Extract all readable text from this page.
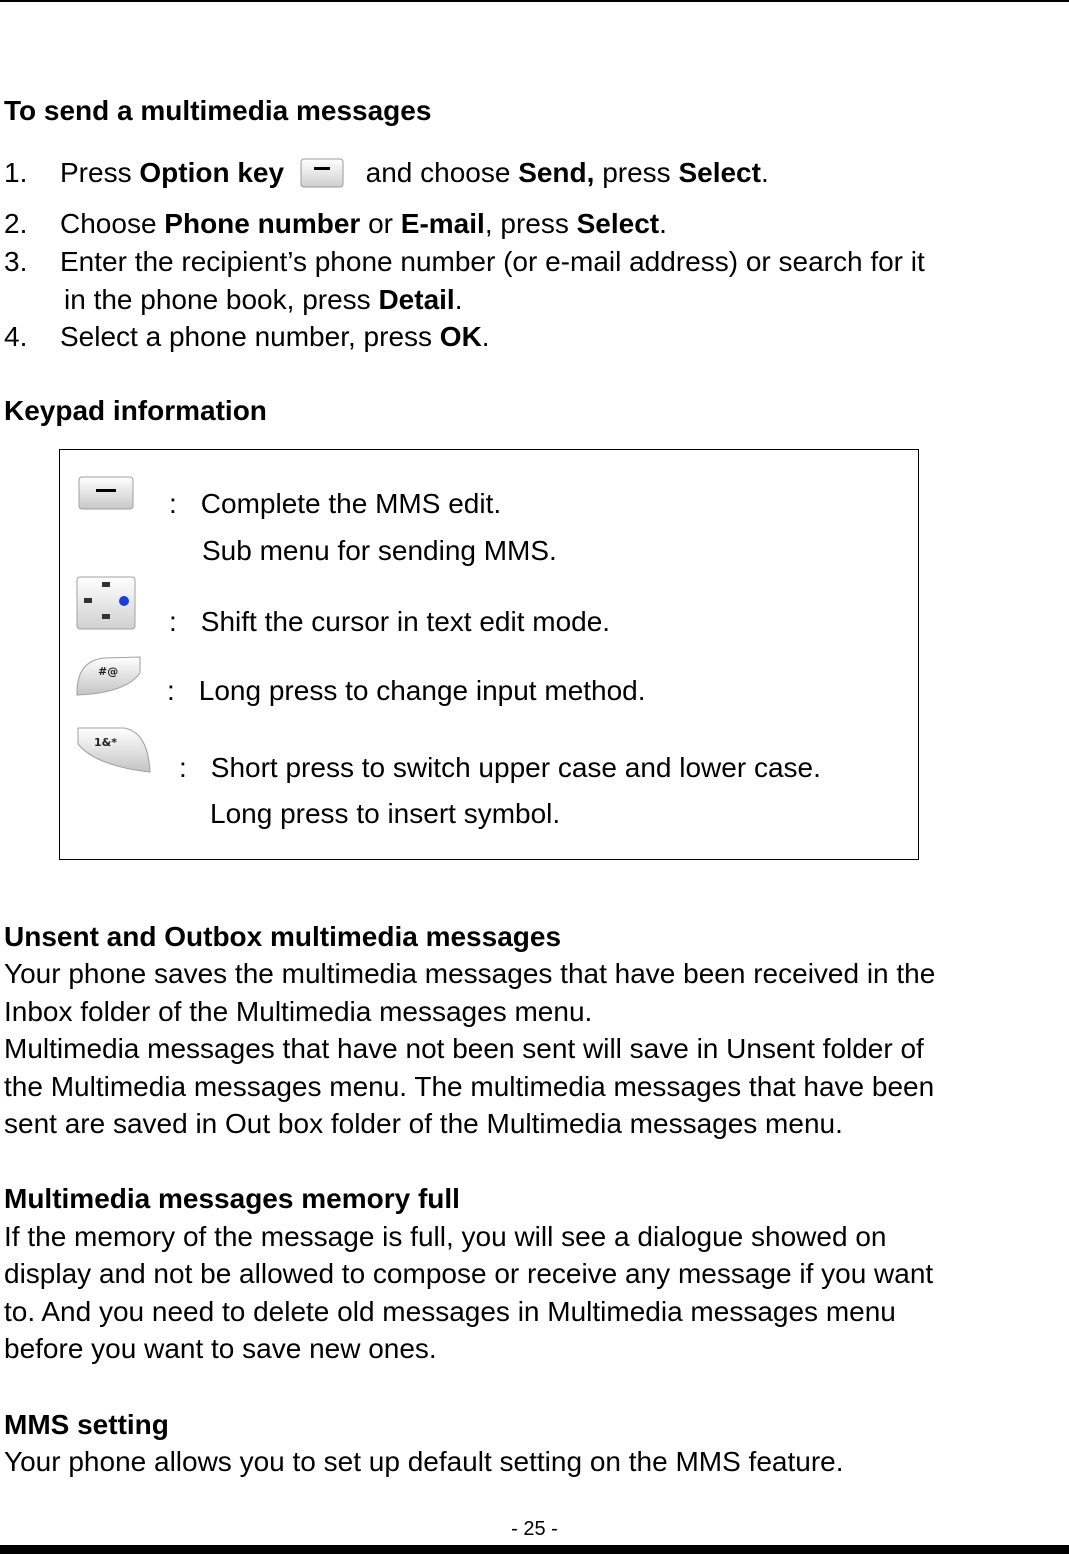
To send a multimedia messages
1. Press Option key	and choose Send, press Select.
2. Choose Phone number or E-mail, press Select.
3. Enter the recipient’s phone number (or e-mail address) or search for it
in the phone book, press Detail.
4. Select a phone number, press OK.
Keypad information
: Complete the MMS edit.
Sub menu for sending MMS.
: Shift the cursor in text edit mode.
#@
: Long press to change input method.
1&*
: Short press to switch upper case and lower case.
Long press to insert symbol.
Unsent and Outbox multimedia messages
Your phone saves the multimedia messages that have been received in the
Inbox folder of the Multimedia messages menu.
Multimedia messages that have not been sent will save in Unsent folder of
the Multimedia messages menu. The multimedia messages that have been
sent are saved in Out box folder of the Multimedia messages menu.
Multimedia messages memory full
If the memory of the message is full, you will see a dialogue showed on
display and not be allowed to compose or receive any message if you want
to. And you need to delete old messages in Multimedia messages menu
before you want to save new ones.
MMS setting
Your phone allows you to set up default setting on the MMS feature.
- 25 -
